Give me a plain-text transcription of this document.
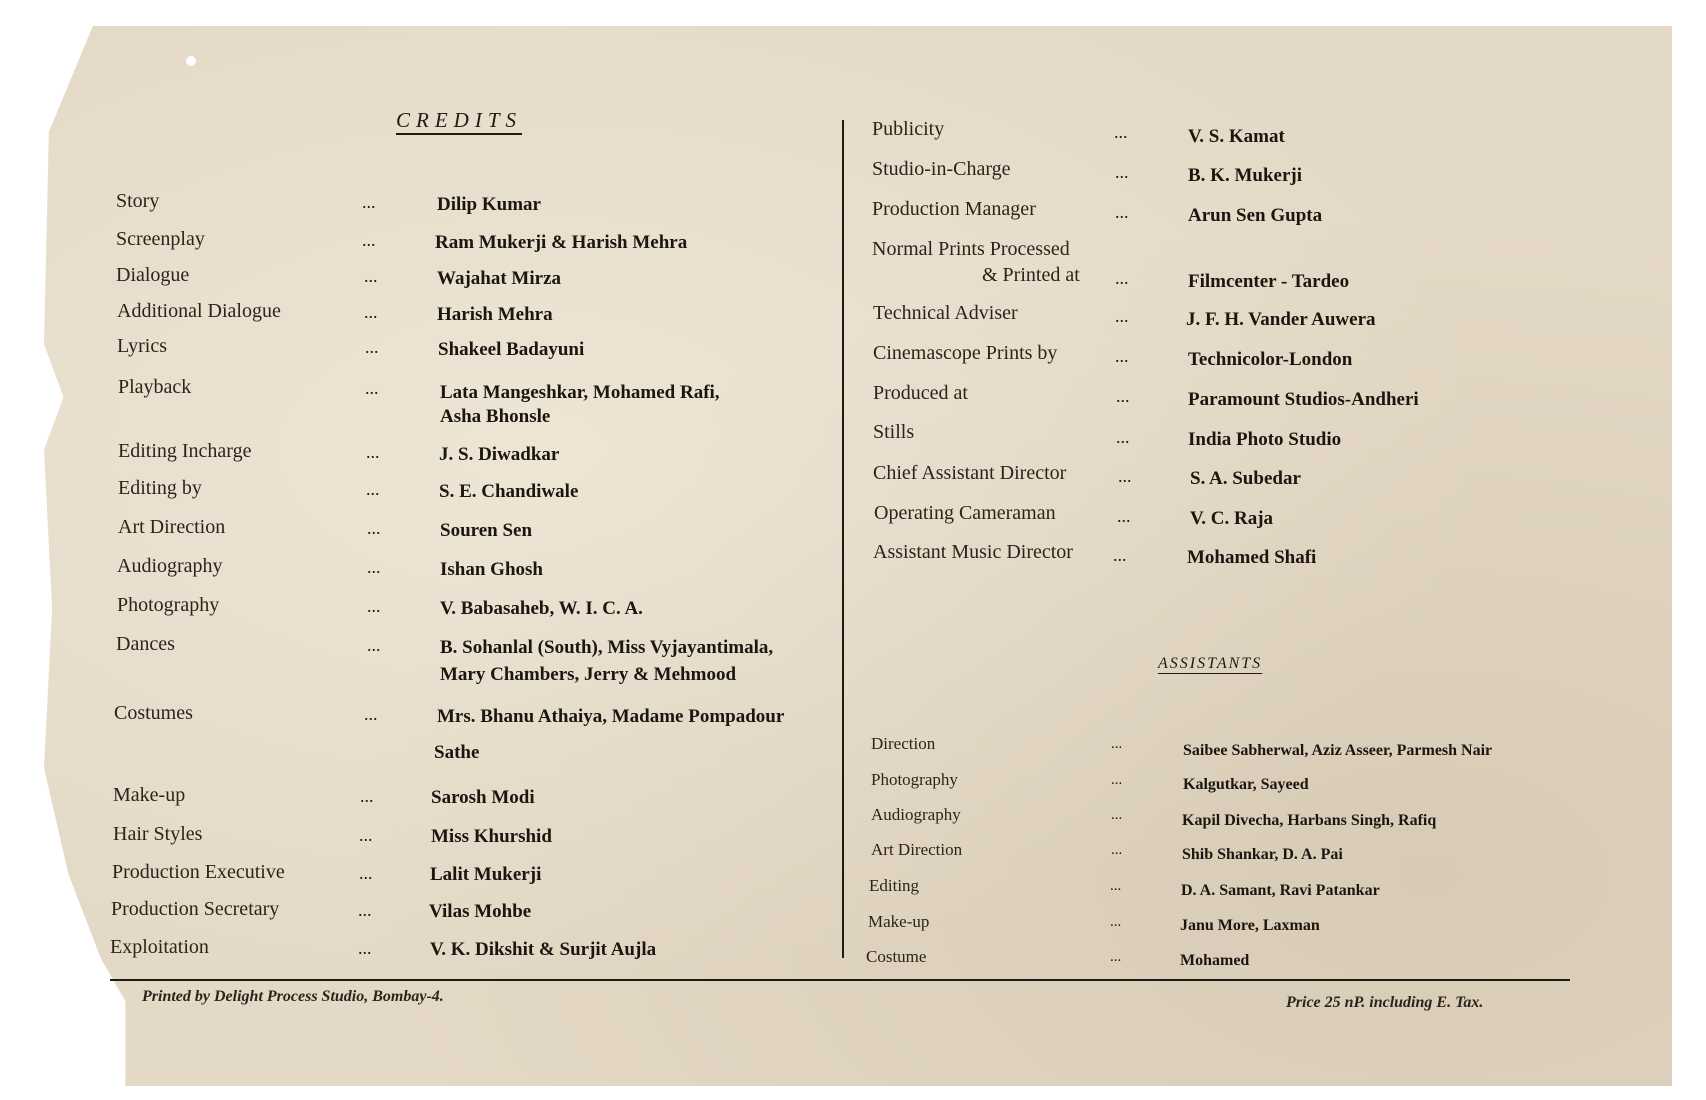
CREDITS
Story	...	Dilip Kumar
Screenplay	...	Ram Mukerji & Harish Mehra
Dialogue	...	Wajahat Mirza
Additional Dialogue	...	Harish Mehra
Lyrics	...	Shakeel Badayuni
Playback	...	Lata Mangeshkar, Mohamed Rafi,
Asha Bhonsle
Editing Incharge	...	J. S. Diwadkar
Editing by	...	S. E. Chandiwale
Art Direction	...	Souren Sen
Audiography	...	Ishan Ghosh
Photography	...	V. Babasaheb, W. I. C. A.
Dances	...	B. Sohanlal (South), Miss Vyjayantimala,
Mary Chambers, Jerry & Mehmood
Costumes	...	Mrs. Bhanu Athaiya, Madame Pompadour
Sathe
Make-up	...	Sarosh Modi
Hair Styles	...	Miss Khurshid
Production Executive	...	Lalit Mukerji
Production Secretary	...	Vilas Mohbe
Exploitation	...	V. K. Dikshit & Surjit Aujla
Publicity	...	V. S. Kamat
Studio-in-Charge	...	B. K. Mukerji
Production Manager	...	Arun Sen Gupta
Normal Prints Processed
& Printed at ...	Filmcenter - Tardeo
Technical Adviser	...	J. F. H. Vander Auwera
Cinemascope Prints by	...	Technicolor-London
Produced at	...	Paramount Studios-Andheri
Stills	...	India Photo Studio
Chief Assistant Director	...	S. A. Subedar
Operating Cameraman	...	V. C. Raja
Assistant Music Director ...	Mohamed Shafi
ASSISTANTS
Direction	...	Saibee Sabherwal, Aziz Asseer, Parmesh Nair
Photography	...	Kalgutkar, Sayeed
Audiography	...	Kapil Divecha, Harbans Singh, Rafiq
Art Direction	...	Shib Shankar, D. A. Pai
Editing	...	D. A. Samant, Ravi Patankar
Make-up	...	Janu More, Laxman
Costume	...	Mohamed
Printed by Delight Process Studio, Bombay-4.	Price 25 nP. including E. Tax.
